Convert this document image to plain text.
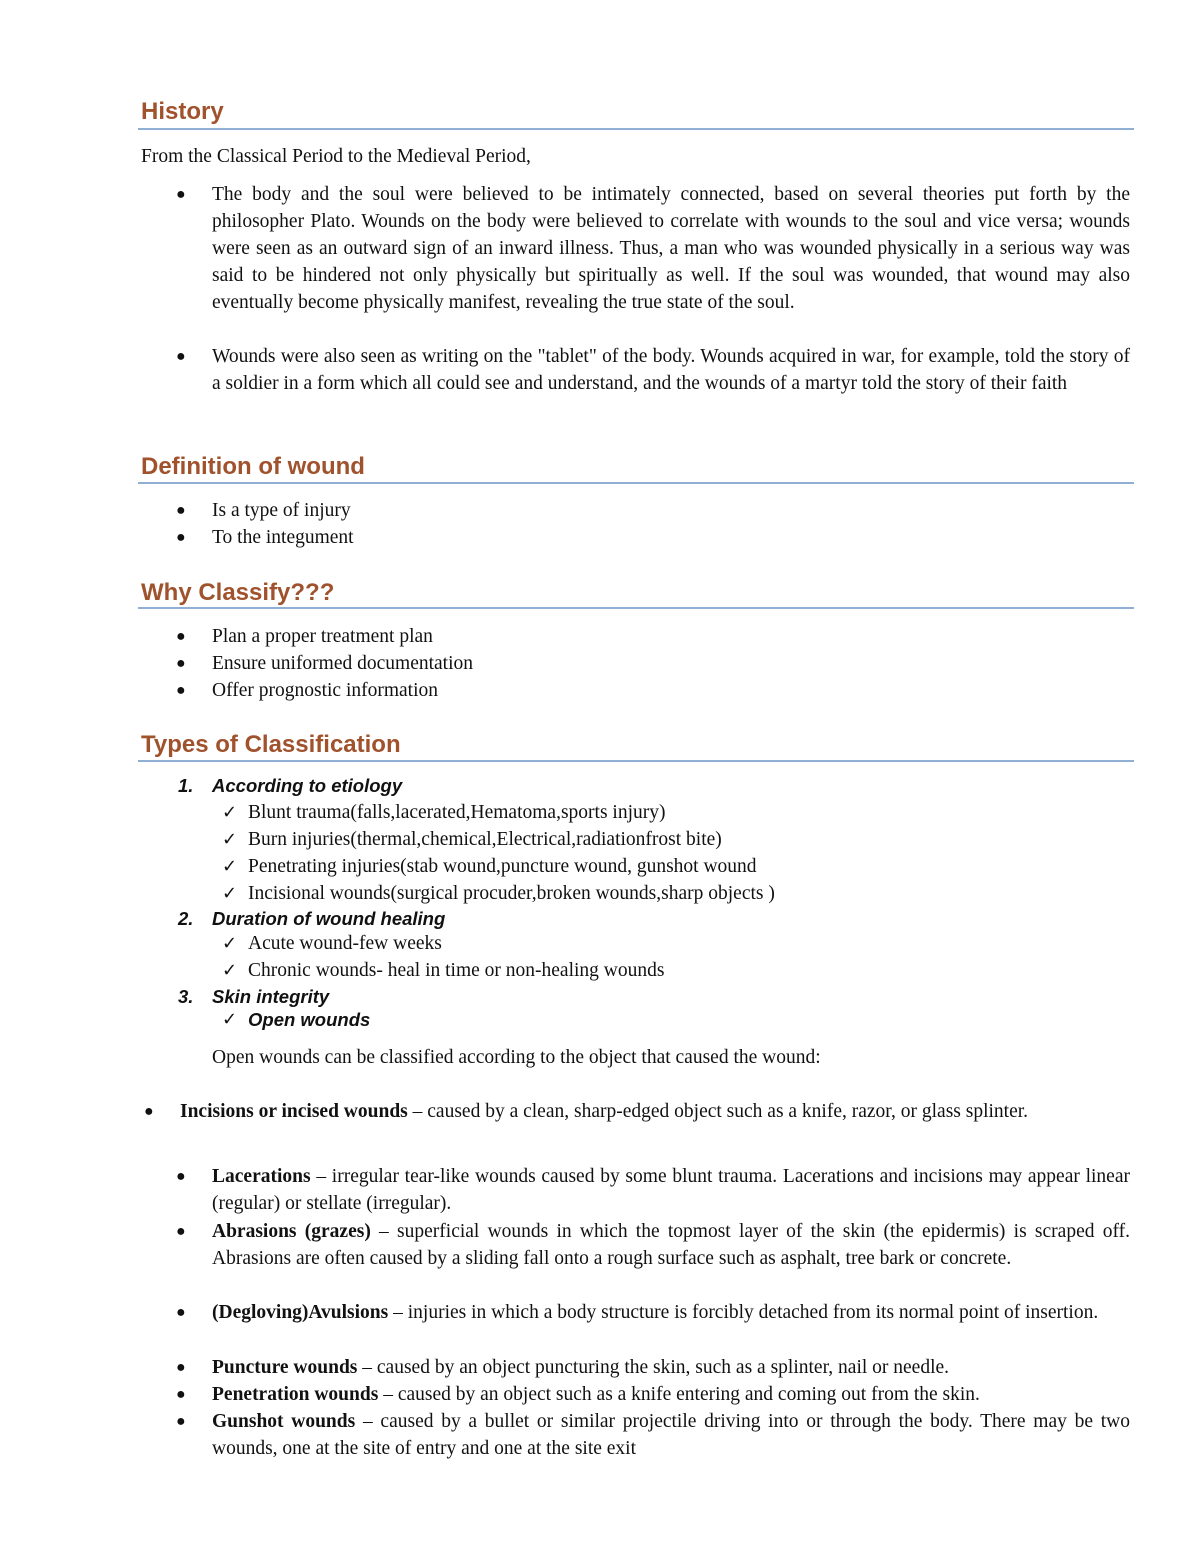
History

From the Classical Period to the Medieval Period,

● The body and the soul were believed to be intimately connected, based on several theories put forth by the philosopher Plato. Wounds on the body were believed to correlate with wounds to the soul and vice versa; wounds were seen as an outward sign of an inward illness. Thus, a man who was wounded physically in a serious way was said to be hindered not only physically but spiritually as well. If the soul was wounded, that wound may also eventually become physically manifest, revealing the true state of the soul.
● Wounds were also seen as writing on the "tablet" of the body. Wounds acquired in war, for example, told the story of a soldier in a form which all could see and understand, and the wounds of a martyr told the story of their faith
Definition of wound
● Is a type of injury
● To the integument
Why Classify???
● Plan a proper treatment plan
● Ensure uniformed documentation
● Offer prognostic information
Types of Classification
1. According to etiology
✓ Blunt trauma(falls,lacerated,Hematoma,sports injury)
✓ Burn injuries(thermal,chemical,Electrical,radiationfrost bite)
✓ Penetrating injuries(stab wound,puncture wound, gunshot wound
✓ Incisional wounds(surgical procuder,broken wounds,sharp objects )
2. Duration of wound healing
✓ Acute wound-few weeks
✓ Chronic wounds- heal in time or non-healing wounds
3. Skin integrity
✓ Open wounds

Open wounds can be classified according to the object that caused the wound:

● Incisions or incised wounds – caused by a clean, sharp-edged object such as a knife, razor, or glass splinter.
● Lacerations – irregular tear-like wounds caused by some blunt trauma. Lacerations and incisions may appear linear (regular) or stellate (irregular).
● Abrasions (grazes) – superficial wounds in which the topmost layer of the skin (the epidermis) is scraped off. Abrasions are often caused by a sliding fall onto a rough surface such as asphalt, tree bark or concrete.
● (Degloving)Avulsions – injuries in which a body structure is forcibly detached from its normal point of insertion.
● Puncture wounds – caused by an object puncturing the skin, such as a splinter, nail or needle.
● Penetration wounds – caused by an object such as a knife entering and coming out from the skin.
● Gunshot wounds – caused by a bullet or similar projectile driving into or through the body. There may be two wounds, one at the site of entry and one at the site exit
